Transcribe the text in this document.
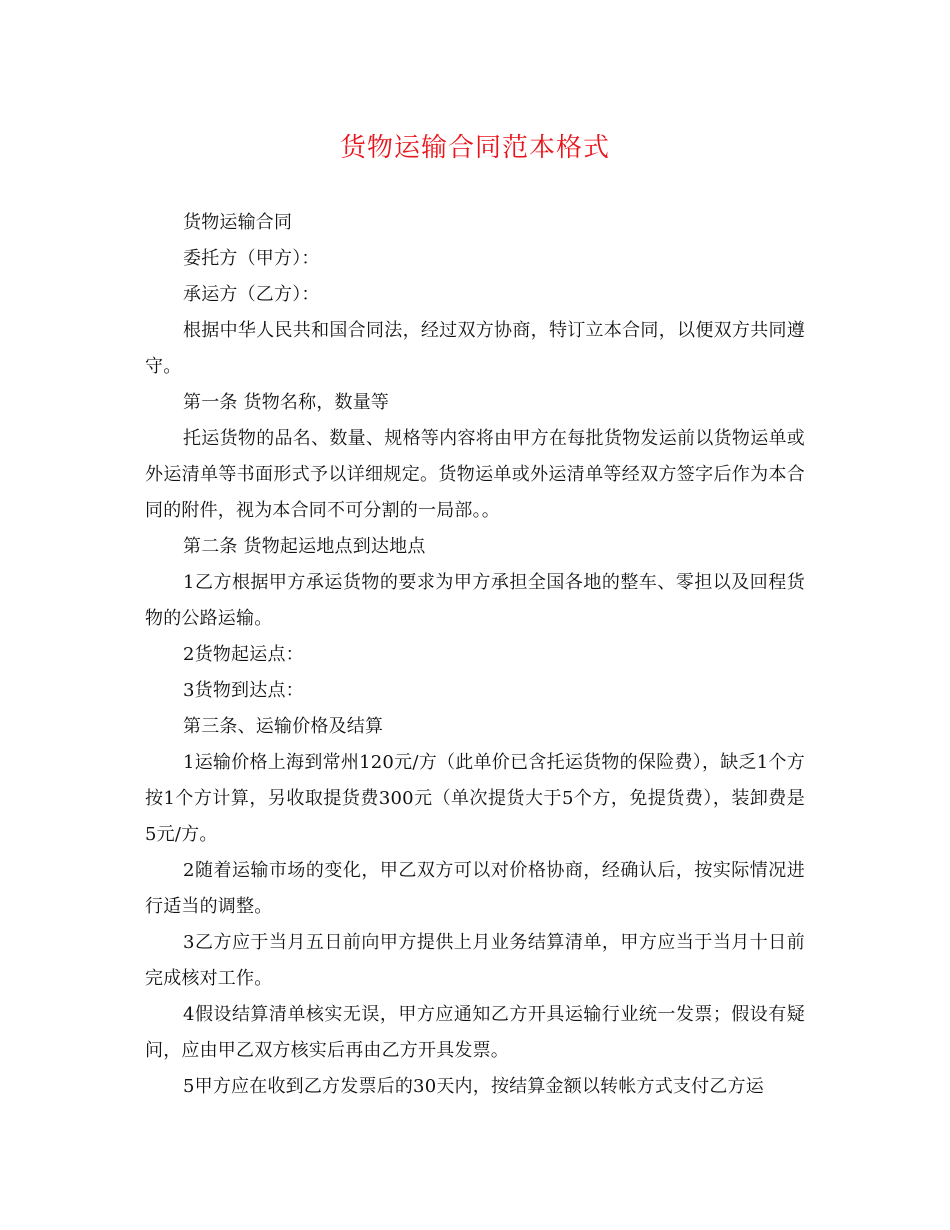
货物运输合同范本格式

货物运输合同

委托方（甲方）：

承运方（乙方）：

根据中华人民共和国合同法，经过双方协商，特订立本合同，以便双方共同遵守。

第一条 货物名称，数量等

托运货物的品名、数量、规格等内容将由甲方在每批货物发运前以货物运单或外运清单等书面形式予以详细规定。货物运单或外运清单等经双方签字后作为本合同的附件，视为本合同不可分割的一局部。。

第二条 货物起运地点到达地点

1乙方根据甲方承运货物的要求为甲方承担全国各地的整车、零担以及回程货物的公路运输。

2货物起运点：

3货物到达点：

第三条、运输价格及结算

1运输价格上海到常州120元/方（此单价已含托运货物的保险费），缺乏1个方按1个方计算，另收取提货费300元（单次提货大于5个方，免提货费），装卸费是5元/方。

2随着运输市场的变化，甲乙双方可以对价格协商，经确认后，按实际情况进行适当的调整。

3乙方应于当月五日前向甲方提供上月业务结算清单，甲方应当于当月十日前完成核对工作。

4假设结算清单核实无误，甲方应通知乙方开具运输行业统一发票；假设有疑问，应由甲乙双方核实后再由乙方开具发票。

5甲方应在收到乙方发票后的30天内，按结算金额以转帐方式支付乙方运
